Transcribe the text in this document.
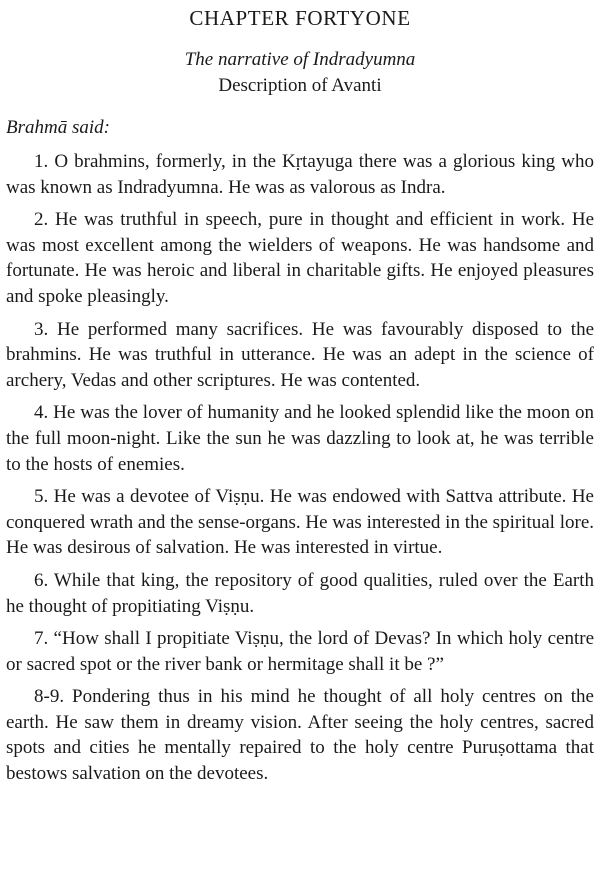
CHAPTER FORTYONE

The narrative of Indradyumna

Description of Avanti

Brahmā said:

1. O brahmins, formerly, in the Kṛtayuga there was a glorious king who was known as Indradyumna. He was as valorous as Indra.

2. He was truthful in speech, pure in thought and efficient in work. He was most excellent among the wielders of weapons. He was handsome and fortunate. He was heroic and liberal in charitable gifts. He enjoyed pleasures and spoke pleasingly.

3. He performed many sacrifices. He was favourably disposed to the brahmins. He was truthful in utterance. He was an adept in the science of archery, Vedas and other scriptures. He was contented.

4. He was the lover of humanity and he looked splendid like the moon on the full moon-night. Like the sun he was dazzling to look at, he was terrible to the hosts of enemies.

5. He was a devotee of Viṣṇu. He was endowed with Sattva attribute. He conquered wrath and the sense-organs. He was interested in the spiritual lore. He was desirous of salvation. He was interested in virtue.

6. While that king, the repository of good qualities, ruled over the Earth he thought of propitiating Viṣṇu.

7. “How shall I propitiate Viṣṇu, the lord of Devas? In which holy centre or sacred spot or the river bank or hermitage shall it be ?”

8-9. Pondering thus in his mind he thought of all holy centres on the earth. He saw them in dreamy vision. After seeing the holy centres, sacred spots and cities he mentally repaired to the holy centre Puruṣottama that bestows salvation on the devotees.
